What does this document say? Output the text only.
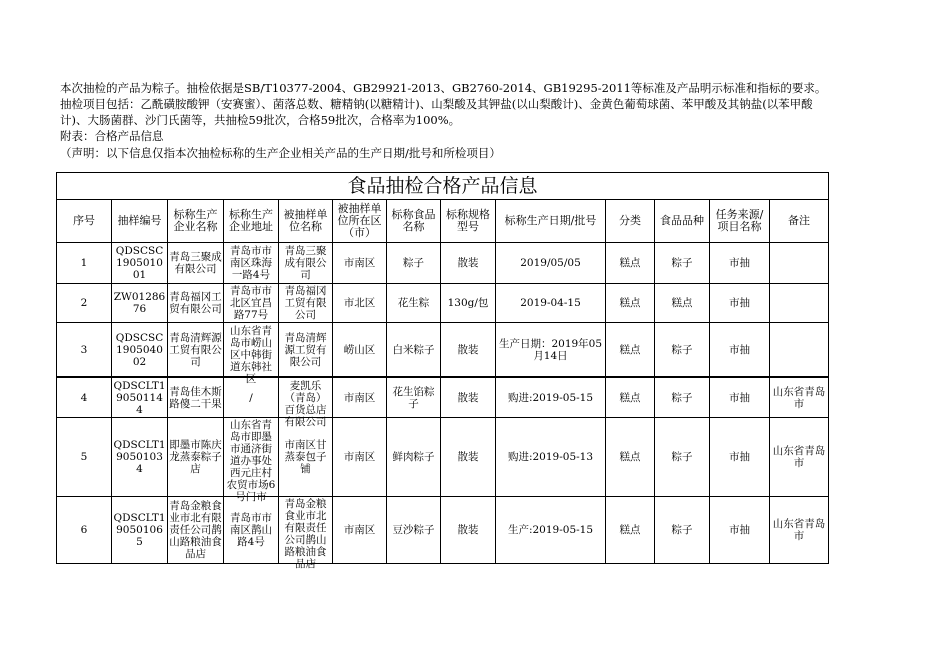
本次抽检的产品为粽子。抽检依据是SB/T10377-2004、GB29921-2013、GB2760-2014、GB19295-2011等标准及产品明示标准和指标的要求。抽检项目包括：乙酰磺胺酸钾（安赛蜜）、菌落总数、糖精钠(以糖精计)、山梨酸及其钾盐(以山梨酸计)、金黄色葡萄球菌、苯甲酸及其钠盐(以苯甲酸计)、大肠菌群、沙门氏菌等，共抽检59批次，合格59批次，合格率为100%。

附表：合格产品信息

（声明：以下信息仅指本次抽检标称的生产企业相关产品的生产日期/批号和所检项目）

食品抽检合格产品信息												
序号	抽样编号	标称生产企业名称	标称生产企业地址	被抽样单位名称	被抽样单位所在区（市）	标称食品名称	标称规格型号	标称生产日期/批号	分类	食品品种	任务来源/项目名称	备注
1	QDSCSC190501001	青岛三聚成有限公司	青岛市市南区珠海一路4号	青岛三聚成有限公司	市南区	粽子	散装	2019/05/05	糕点	粽子	市抽	
2	ZW0128676	青岛福冈工贸有限公司	青岛市市北区宜昌路77号	青岛福冈工贸有限公司	市北区	花生粽	130g/包	2019-04-15	糕点	糕点	市抽	
3	QDSCSC190504002	青岛清辉源工贸有限公司	山东省青岛市崂山区中韩街道东韩社区	青岛清辉源工贸有限公司	崂山区	白米粽子	散装	生产日期：2019年05月14日	糕点	粽子	市抽	
4	QDSCLT190501144	青岛佳木斯路傻二干果	/	麦凯乐（青岛）百货总店有限公司	市南区	花生馅粽子	散装	购进:2019-05-15	糕点	粽子	市抽	山东省青岛市
5	QDSCLT190501034	即墨市陈庆龙蒸泰粽子店	山东省青岛市即墨市通济街道办事处西元庄村农贸市场6号门市	市南区甘蒸泰包子铺	市南区	鲜肉粽子	散装	购进:2019-05-13	糕点	粽子	市抽	山东省青岛市
6	QDSCLT190501065	青岛金粮食业市北有限责任公司鹊山路粮油食品店	青岛市市南区鹊山路4号	青岛金粮食业市北有限责任公司鹊山路粮油食品店	市南区	豆沙粽子	散装	生产:2019-05-15	糕点	粽子	市抽	山东省青岛市
